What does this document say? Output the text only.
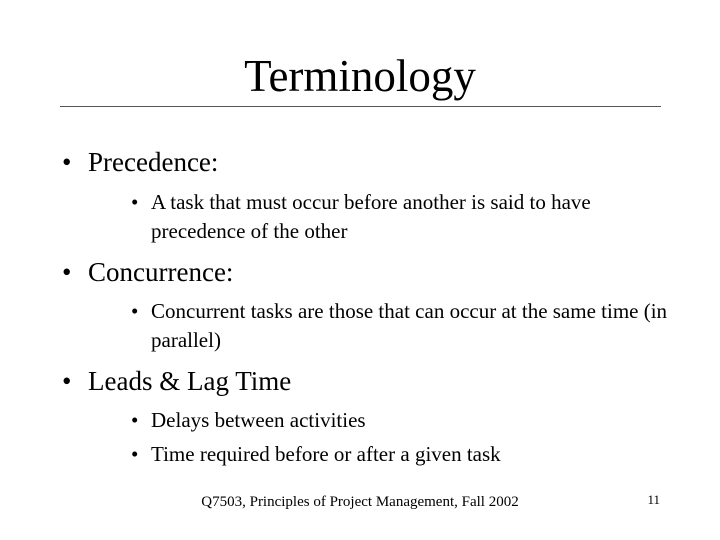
Terminology
• Precedence:
• A task that must occur before another is said to have precedence of the other
• Concurrence:
• Concurrent tasks are those that can occur at the same time (in parallel)
• Leads & Lag Time
• Delays between activities
• Time required before or after a given task
Q7503, Principles of Project Management, Fall 2002	11
